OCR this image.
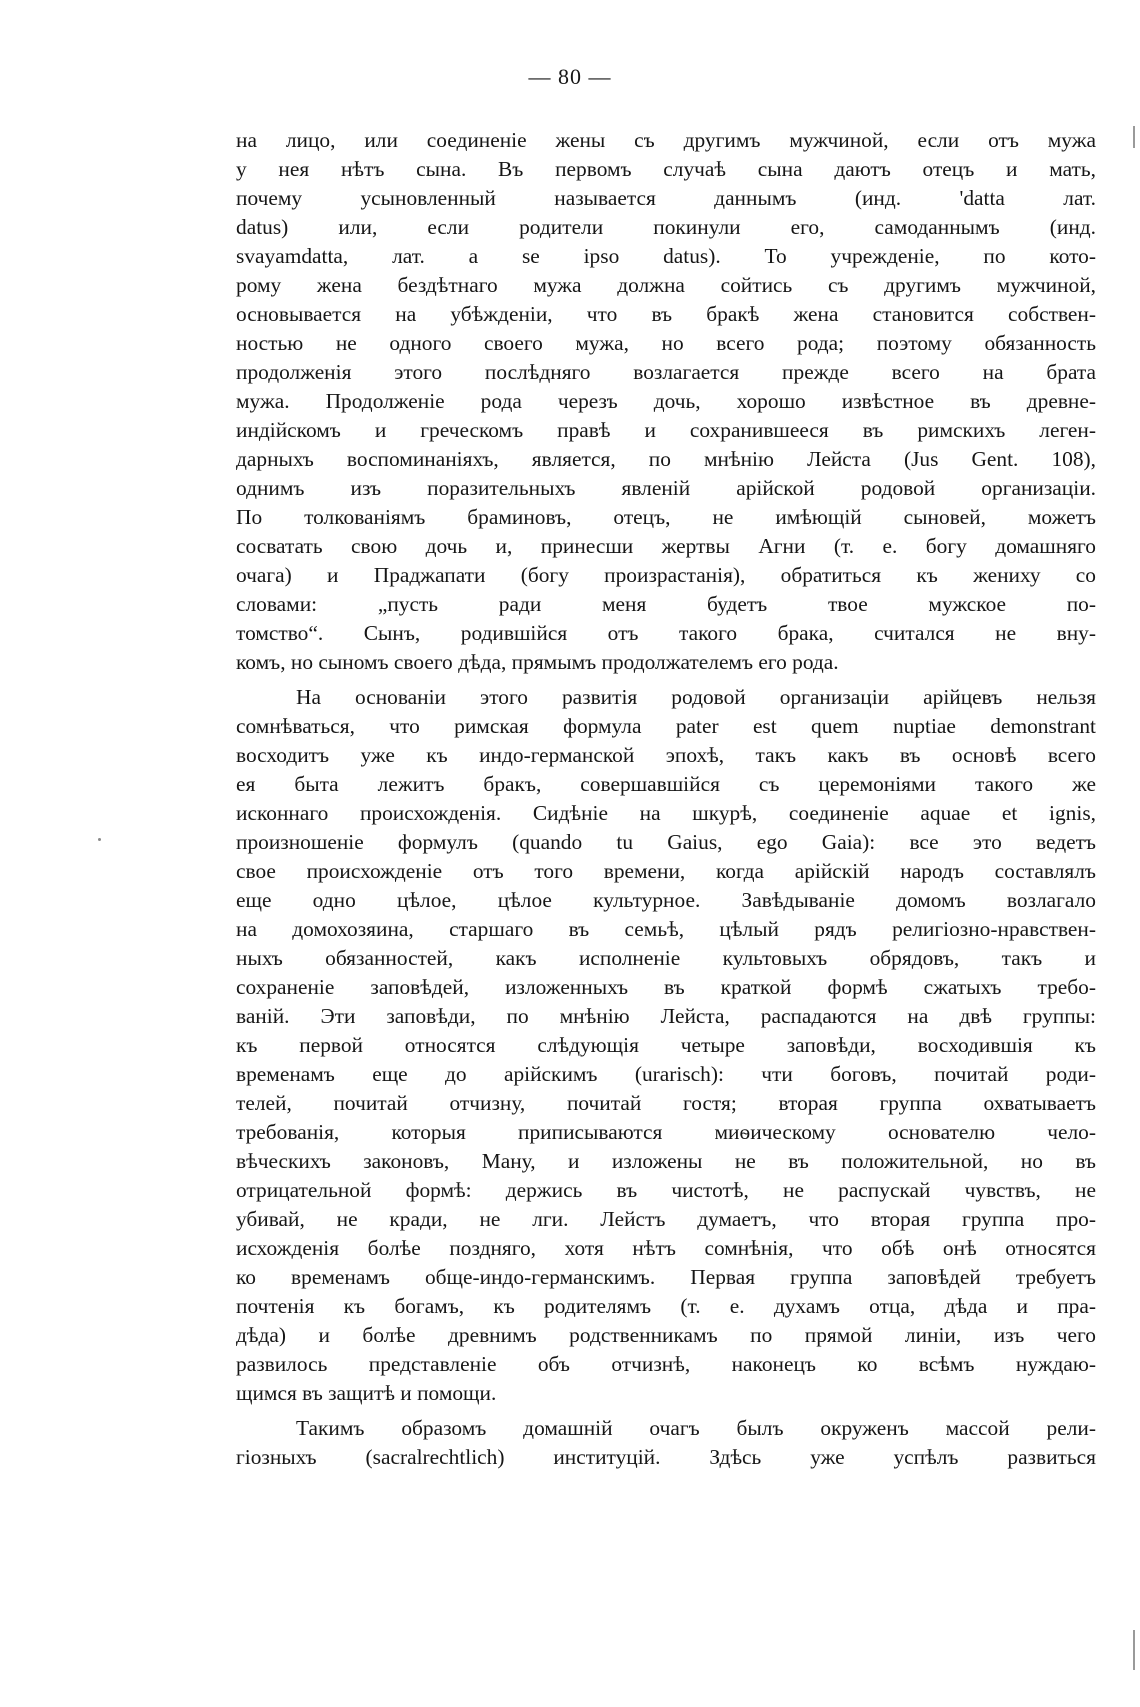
— 80 —
на лицо, или соединеніе жены съ другимъ мужчиной, если отъ мужа
у нея нѣтъ сына. Въ первомъ случаѣ сына даютъ отецъ и мать,
почему усыновленный называется даннымъ (инд. 'datta лат.
datus) или, если родители покинули его, самоданнымъ (инд.
svayamdatta, лат. a se ipso datus). То учрежденіе, по кото-
рому жена бездѣтнаго мужа должна сойтись съ другимъ мужчиной,
основывается на убѣжденіи, что въ бракѣ жена становится собствен-
ностью не одного своего мужа, но всего рода; поэтому обязанность
продолженія этого послѣдняго возлагается прежде всего на брата
мужа. Продолженіе рода черезъ дочь, хорошо извѣстное въ древне-
индійскомъ и греческомъ правѣ и сохранившееся въ римскихъ леген-
дарныхъ воспоминаніяхъ, является, по мнѣнію Лейста (Jus Gent. 108),
однимъ изъ поразительныхъ явленій арійской родовой организаціи.
По толкованіямъ браминовъ, отецъ, не имѣющій сыновей, можетъ
сосватать свою дочь и, принесши жертвы Агни (т. е. богу домашняго
очага) и Праджапати (богу произрастанія), обратиться къ жениху со
словами: „пусть ради меня будетъ твое мужское по-
томство“. Сынъ, родившійся отъ такого брака, считался не вну-
комъ, но сыномъ своего дѣда, прямымъ продолжателемъ его рода.
На основаніи этого развитія родовой организаціи арійцевъ нельзя
сомнѣваться, что римская формула pater est quem nuptiae demonstrant
восходитъ уже къ индо-германской эпохѣ, такъ какъ въ основѣ всего
ея быта лежитъ бракъ, совершавшійся съ церемоніями такого же
исконнаго происхожденія. Сидѣніе на шкурѣ, соединеніе aquae et ignis,
произношеніе формулъ (quando tu Gaius, ego Gaia): все это ведетъ
свое происхожденіе отъ того времени, когда арійскій народъ составлялъ
еще одно цѣлое, цѣлое культурное. Завѣдываніе домомъ возлагало
на домохозяина, старшаго въ семьѣ, цѣлый рядъ религіозно-нравствен-
ныхъ обязанностей, какъ исполненіе культовыхъ обрядовъ, такъ и
сохраненіе заповѣдей, изложенныхъ въ краткой формѣ сжатыхъ требо-
ваній. Эти заповѣди, по мнѣнію Лейста, распадаются на двѣ группы:
къ первой относятся слѣдующія четыре заповѣди, восходившія къ
временамъ еще до арійскимъ (urarisch): чти боговъ, почитай роди-
телей, почитай отчизну, почитай гостя; вторая группа охватываетъ
требованія, которыя приписываются миѳическому основателю чело-
вѣческихъ законовъ, Ману, и изложены не въ положительной, но въ
отрицательной формѣ: держись въ чистотѣ, не распускай чувствъ, не
убивай, не кради, не лги. Лейстъ думаетъ, что вторая группа про-
исхожденія болѣе поздняго, хотя нѣтъ сомнѣнія, что обѣ онѣ относятся
ко временамъ обще-индо-германскимъ. Первая группа заповѣдей требуетъ
почтенія къ богамъ, къ родителямъ (т. е. духамъ отца, дѣда и пра-
дѣда) и болѣе древнимъ родственникамъ по прямой линіи, изъ чего
развилось представленіе объ отчизнѣ, наконецъ ко всѣмъ нуждаю-
щимся въ защитѣ и помощи.
Такимъ образомъ домашній очагъ былъ окруженъ массой рели-
гіозныхъ (sacralrechtlich) институцій. Здѣсь уже успѣлъ развиться
